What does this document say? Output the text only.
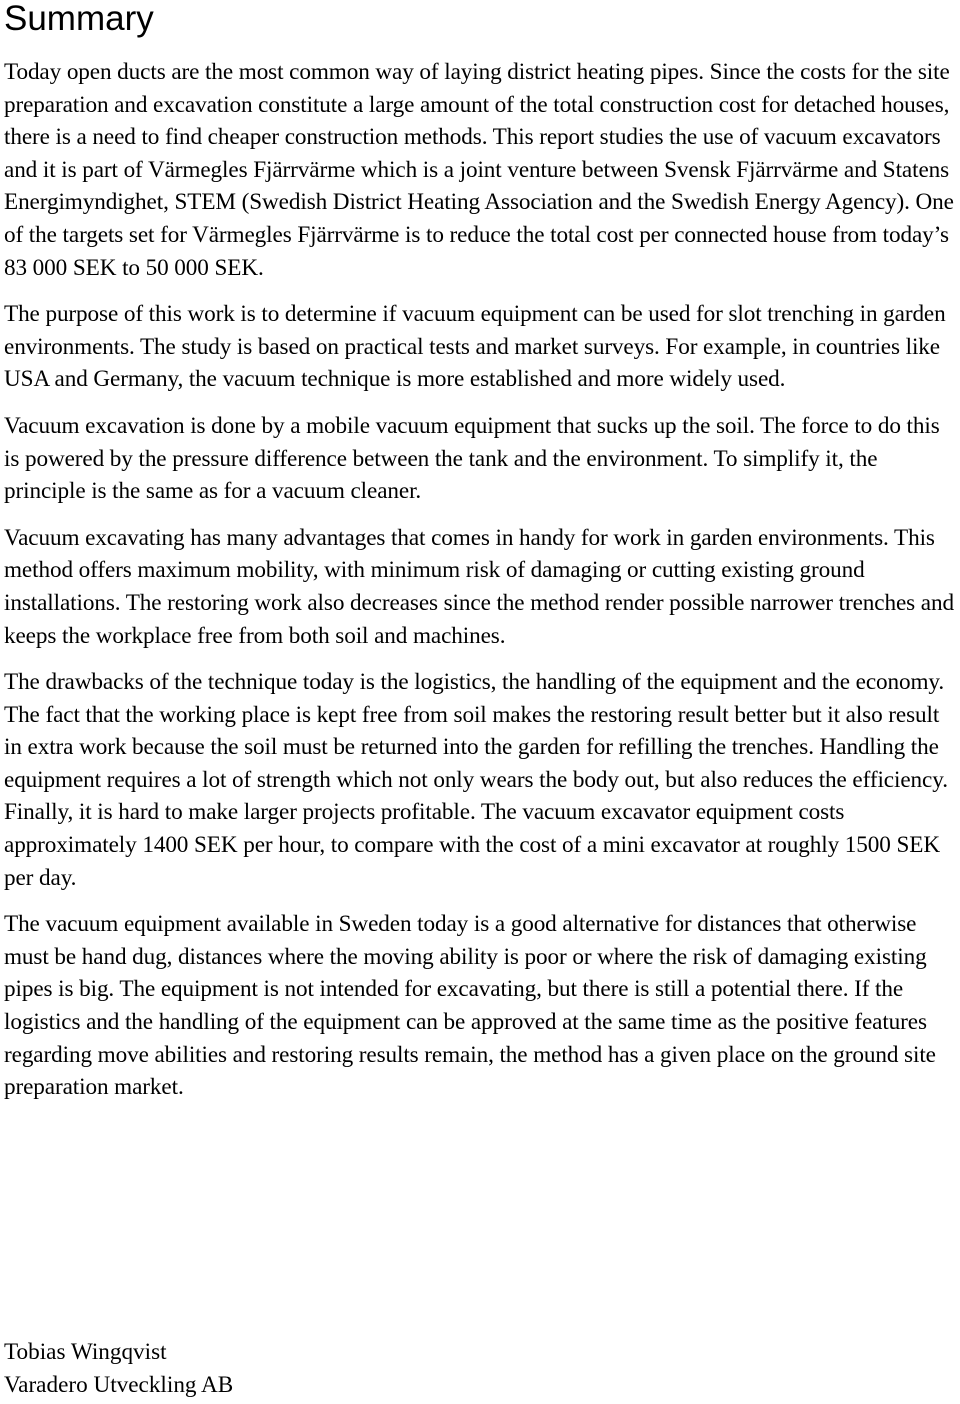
Summary

Today open ducts are the most common way of laying district heating pipes. Since the costs for the site preparation and excavation constitute a large amount of the total construction cost for detached houses, there is a need to find cheaper construction methods. This report studies the use of vacuum excavators and it is part of Värmegles Fjärrvärme which is a joint venture between Svensk Fjärrvärme and Statens Energimyndighet, STEM (Swedish District Heating Association and the Swedish Energy Agency). One of the targets set for Värmegles Fjärrvärme is to reduce the total cost per connected house from today’s 83 000 SEK to 50 000 SEK.

The purpose of this work is to determine if vacuum equipment can be used for slot trenching in garden environments. The study is based on practical tests and market surveys. For example, in countries like USA and Germany, the vacuum technique is more established and more widely used.

Vacuum excavation is done by a mobile vacuum equipment that sucks up the soil. The force to do this is powered by the pressure difference between the tank and the environment. To simplify it, the principle is the same as for a vacuum cleaner.

Vacuum excavating has many advantages that comes in handy for work in garden environments. This method offers maximum mobility, with minimum risk of damaging or cutting existing ground installations. The restoring work also decreases since the method render possible narrower trenches and keeps the workplace free from both soil and machines.

The drawbacks of the technique today is the logistics, the handling of the equipment and the economy. The fact that the working place is kept free from soil makes the restoring result better but it also result in extra work because the soil must be returned into the garden for refilling the trenches. Handling the equipment requires a lot of strength which not only wears the body out, but also reduces the efficiency. Finally, it is hard to make larger projects profitable. The vacuum excavator equipment costs approximately 1400 SEK per hour, to compare with the cost of a mini excavator at roughly 1500 SEK per day.

The vacuum equipment available in Sweden today is a good alternative for distances that otherwise must be hand dug, distances where the moving ability is poor or where the risk of damaging existing pipes is big. The equipment is not intended for excavating, but there is still a potential there. If the logistics and the handling of the equipment can be approved at the same time as the positive features regarding move abilities and restoring results remain, the method has a given place on the ground site preparation market.

Tobias Wingqvist
Varadero Utveckling AB
